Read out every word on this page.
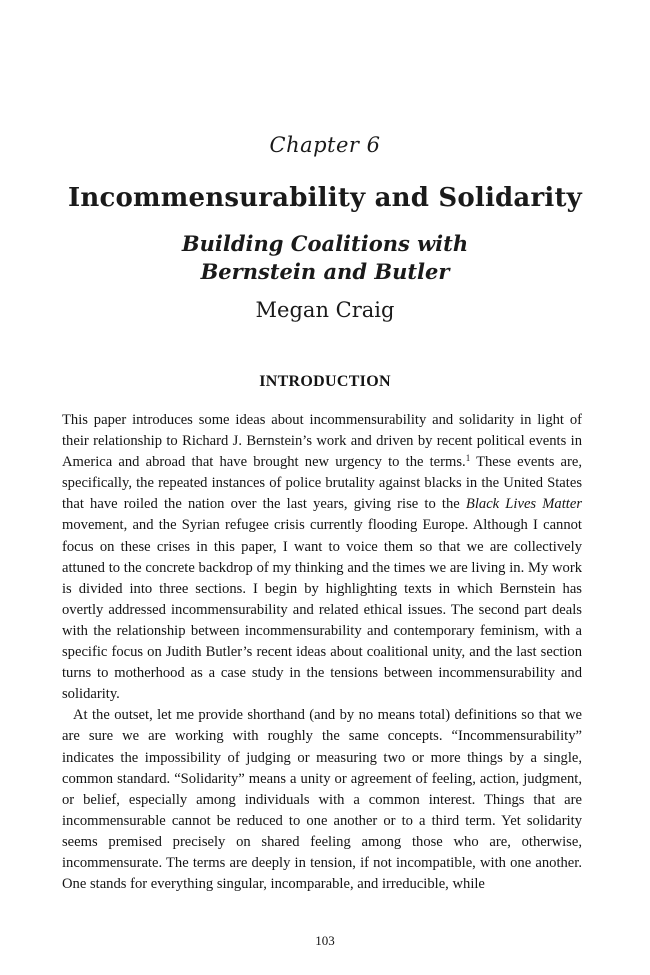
Chapter 6
Incommensurability and Solidarity
Building Coalitions with
Bernstein and Butler
Megan Craig
INTRODUCTION

This paper introduces some ideas about incommensurability and solidarity in light of their relationship to Richard J. Bernstein’s work and driven by recent political events in America and abroad that have brought new urgency to the terms.$^1$ These events are, specifically, the repeated instances of police brutality against blacks in the United States that have roiled the nation over the last years, giving rise to the Black Lives Matter movement, and the Syrian refugee crisis currently flooding Europe. Although I cannot focus on these crises in this paper, I want to voice them so that we are collectively attuned to the concrete backdrop of my thinking and the times we are living in. My work is divided into three sections. I begin by highlighting texts in which Bernstein has overtly addressed incommensurability and related ethical issues. The second part deals with the relationship between incommensurability and contemporary feminism, with a specific focus on Judith Butler’s recent ideas about coalitional unity, and the last section turns to motherhood as a case study in the tensions between incommensurability and solidarity.

At the outset, let me provide shorthand (and by no means total) definitions so that we are sure we are working with roughly the same concepts. “Incommensurability” indicates the impossibility of judging or measuring two or more things by a single, common standard. “Solidarity” means a unity or agreement of feeling, action, judgment, or belief, especially among individuals with a common interest. Things that are incommensurable cannot be reduced to one another or to a third term. Yet solidarity seems premised precisely on shared feeling among those who are, otherwise, incommensurate. The terms are deeply in tension, if not incompatible, with one another. One stands for everything singular, incomparable, and irreducible, while

103
